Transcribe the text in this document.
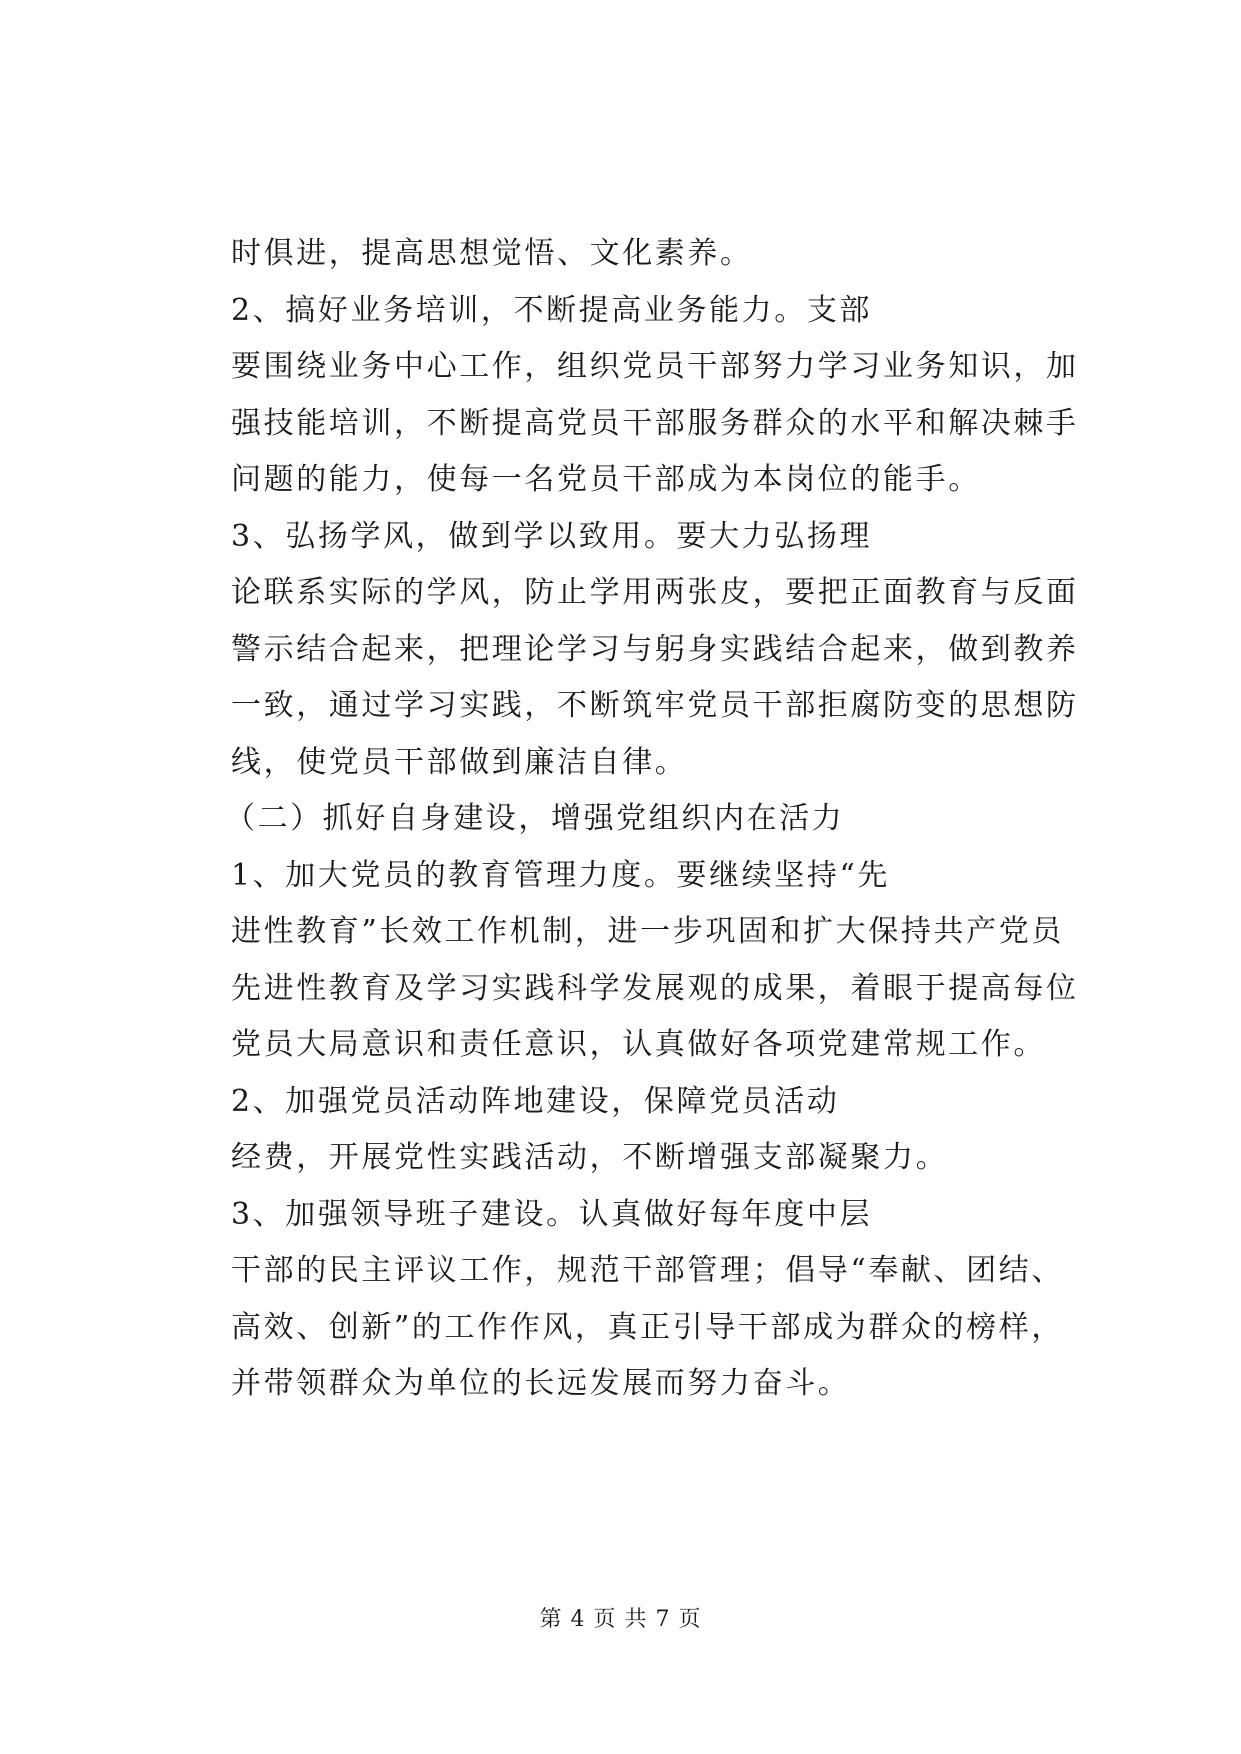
时俱进，提高思想觉悟、文化素养。
2、搞好业务培训，不断提高业务能力。支部
要围绕业务中心工作，组织党员干部努力学习业务知识，加
强技能培训，不断提高党员干部服务群众的水平和解决棘手
问题的能力，使每一名党员干部成为本岗位的能手。
3、弘扬学风，做到学以致用。要大力弘扬理
论联系实际的学风，防止学用两张皮，要把正面教育与反面
警示结合起来，把理论学习与躬身实践结合起来，做到教养
一致，通过学习实践，不断筑牢党员干部拒腐防变的思想防
线，使党员干部做到廉洁自律。
（二）抓好自身建设，增强党组织内在活力
1、加大党员的教育管理力度。要继续坚持“先
进性教育”长效工作机制，进一步巩固和扩大保持共产党员
先进性教育及学习实践科学发展观的成果，着眼于提高每位
党员大局意识和责任意识，认真做好各项党建常规工作。
2、加强党员活动阵地建设，保障党员活动
经费，开展党性实践活动，不断增强支部凝聚力。
3、加强领导班子建设。认真做好每年度中层
干部的民主评议工作，规范干部管理；倡导“奉献、团结、
高效、创新”的工作作风，真正引导干部成为群众的榜样，
并带领群众为单位的长远发展而努力奋斗。
第 4 页 共 7 页
